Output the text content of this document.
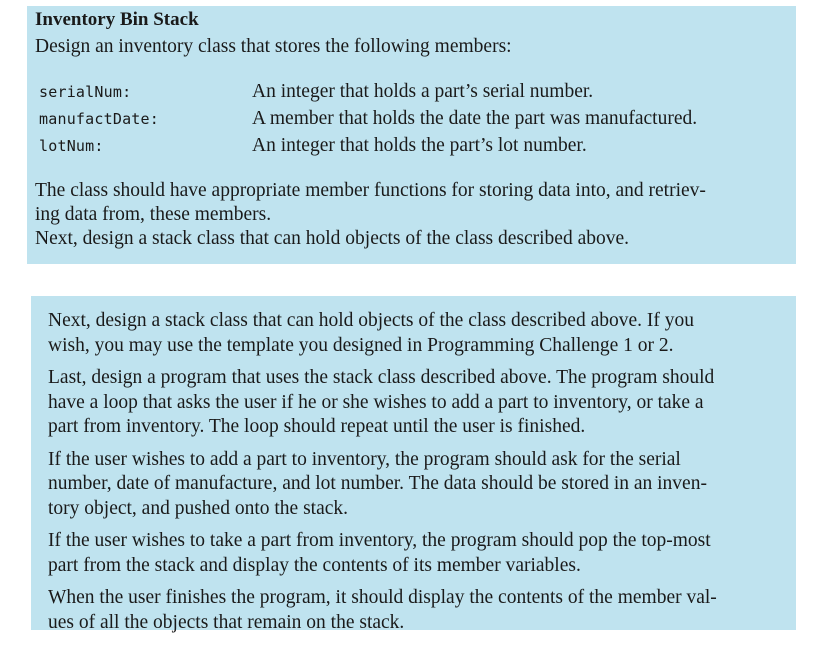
Inventory Bin Stack

Design an inventory class that stores the following members:

serialNum:	An integer that holds a part’s serial number.
manufactDate:	A member that holds the date the part was manufactured.
lotNum:	An integer that holds the part’s lot number.

The class should have appropriate member functions for storing data into, and retriev-
ing data from, these members.

Next, design a stack class that can hold objects of the class described above.

Next, design a stack class that can hold objects of the class described above. If you
wish, you may use the template you designed in Programming Challenge 1 or 2.

Last, design a program that uses the stack class described above. The program should
have a loop that asks the user if he or she wishes to add a part to inventory, or take a
part from inventory. The loop should repeat until the user is finished.

If the user wishes to add a part to inventory, the program should ask for the serial
number, date of manufacture, and lot number. The data should be stored in an inven-
tory object, and pushed onto the stack.

If the user wishes to take a part from inventory, the program should pop the top-most
part from the stack and display the contents of its member variables.

When the user finishes the program, it should display the contents of the member val-
ues of all the objects that remain on the stack.
